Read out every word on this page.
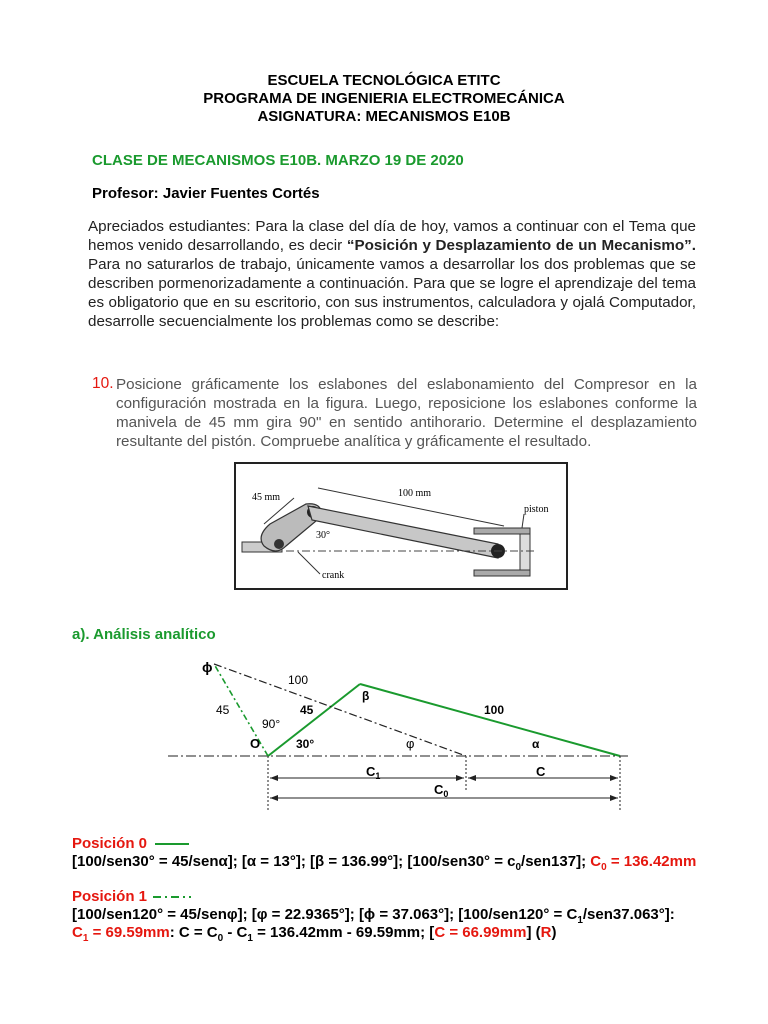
ESCUELA TECNOLÓGICA ETITC
PROGRAMA DE INGENIERIA ELECTROMECÁNICA
ASIGNATURA: MECANISMOS E10B
CLASE DE MECANISMOS E10B. MARZO 19 DE 2020
Profesor: Javier Fuentes Cortés
Apreciados estudiantes: Para la clase del día de hoy, vamos a continuar con el Tema que hemos venido desarrollando, es decir “Posición y Desplazamiento de un Mecanismo”. Para no saturarlos de trabajo, únicamente vamos a desarrollar los dos problemas que se describen pormenorizadamente a continuación. Para que se logre el aprendizaje del tema es obligatorio que en su escritorio, con sus instrumentos, calculadora y ojalá Computador, desarrolle secuencialmente los problemas como se describe:
10. Posicione gráficamente los eslabones del eslabonamiento del Compresor en la configuración mostrada en la figura. Luego, reposicione los eslabones conforme la manivela de 45 mm gira 90" en sentido antihorario. Determine el desplazamiento resultante del pistón. Compruebe analítica y gráficamente el resultado.
100 mm
45 mm
30°
piston
crank
a). Análisis analítico
ϕ
100
45	45
β
100
90°
O	30°	φ	α
$C_1$	C
$C_0$
Posición 0
[100/sen30° = 45/senα]; [α = 13°]; [β = 136.99°]; $[100/sen30^\circ = c_0/sen137]$; $C_0 = 136.42mm$
Posición 1
[100/sen120° = 45/senφ]; [φ = 22.9365°]; [ϕ = 37.063°]; $[100/sen120^\circ = C_1/sen37.063^\circ]$:
$C_1 = 69.59mm$: $C = C_0 - C_1 = 136.42mm - 69.59mm$; [C = 66.99mm] (R)
